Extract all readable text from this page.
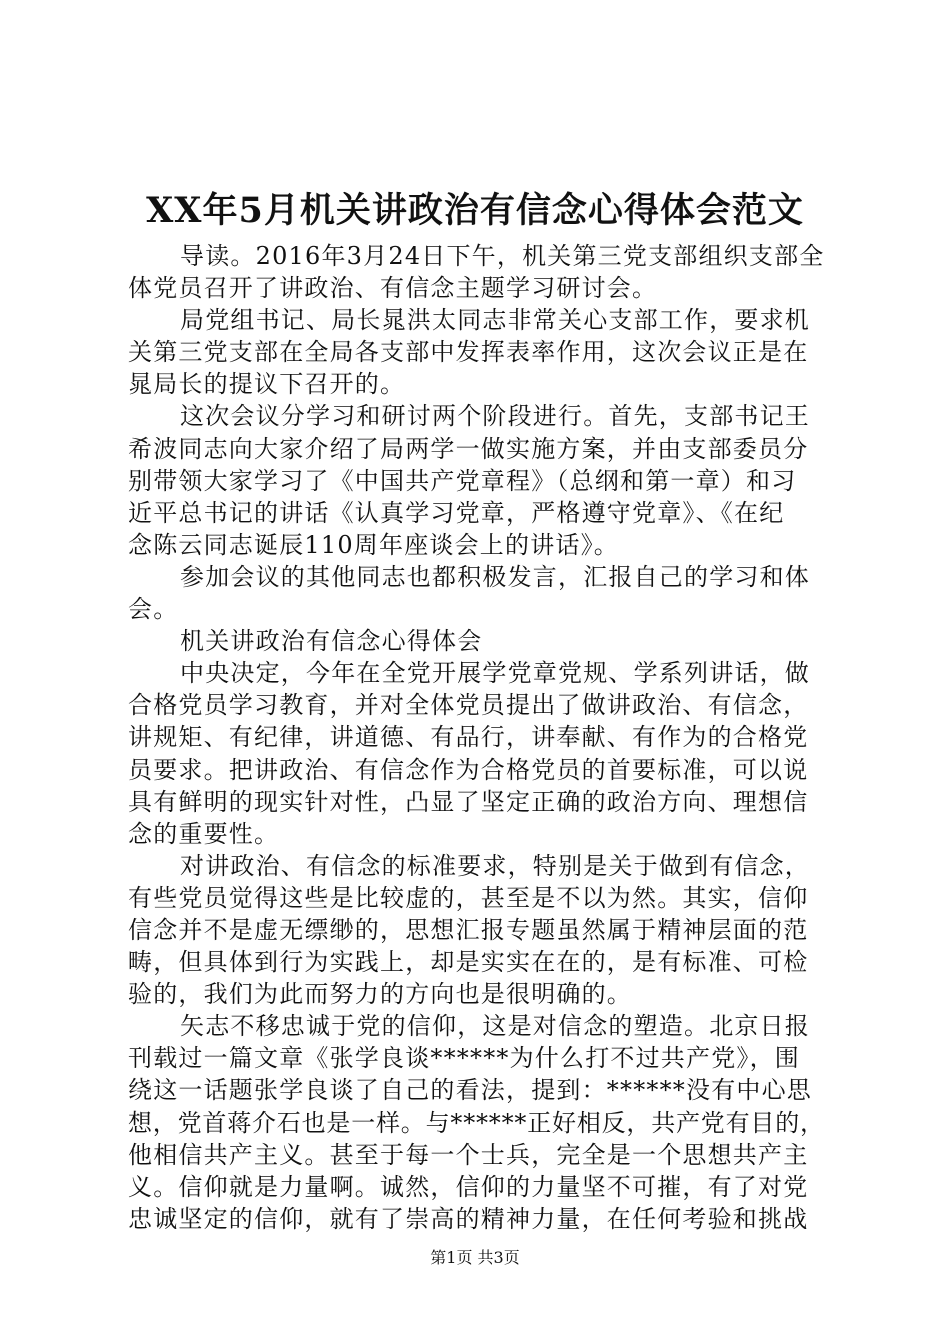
XX年5月机关讲政治有信念心得体会范文
导读。2016年3月24日下午，机关第三党支部组织支部全
体党员召开了讲政治、有信念主题学习研讨会。
局党组书记、局长晁洪太同志非常关心支部工作，要求机
关第三党支部在全局各支部中发挥表率作用，这次会议正是在
晁局长的提议下召开的。
这次会议分学习和研讨两个阶段进行。首先，支部书记王
希波同志向大家介绍了局两学一做实施方案，并由支部委员分
别带领大家学习了《中国共产党章程》（总纲和第一章）和习
近平总书记的讲话《认真学习党章，严格遵守党章》、《在纪
念陈云同志诞辰110周年座谈会上的讲话》。
参加会议的其他同志也都积极发言，汇报自己的学习和体
会。
机关讲政治有信念心得体会
中央决定，今年在全党开展学党章党规、学系列讲话，做
合格党员学习教育，并对全体党员提出了做讲政治、有信念，
讲规矩、有纪律，讲道德、有品行，讲奉献、有作为的合格党
员要求。把讲政治、有信念作为合格党员的首要标准，可以说
具有鲜明的现实针对性，凸显了坚定正确的政治方向、理想信
念的重要性。
对讲政治、有信念的标准要求，特别是关于做到有信念，
有些党员觉得这些是比较虚的，甚至是不以为然。其实，信仰
信念并不是虚无缥缈的，思想汇报专题虽然属于精神层面的范
畴，但具体到行为实践上，却是实实在在的，是有标准、可检
验的，我们为此而努力的方向也是很明确的。
矢志不移忠诚于党的信仰，这是对信念的塑造。北京日报
刊载过一篇文章《张学良谈******为什么打不过共产党》，围
绕这一话题张学良谈了自己的看法，提到：******没有中心思
想，党首蒋介石也是一样。与******正好相反，共产党有目的，
他相信共产主义。甚至于每一个士兵，完全是一个思想共产主
义。信仰就是力量啊。诚然，信仰的力量坚不可摧，有了对党
忠诚坚定的信仰，就有了崇高的精神力量，在任何考验和挑战
第1页 共3页
